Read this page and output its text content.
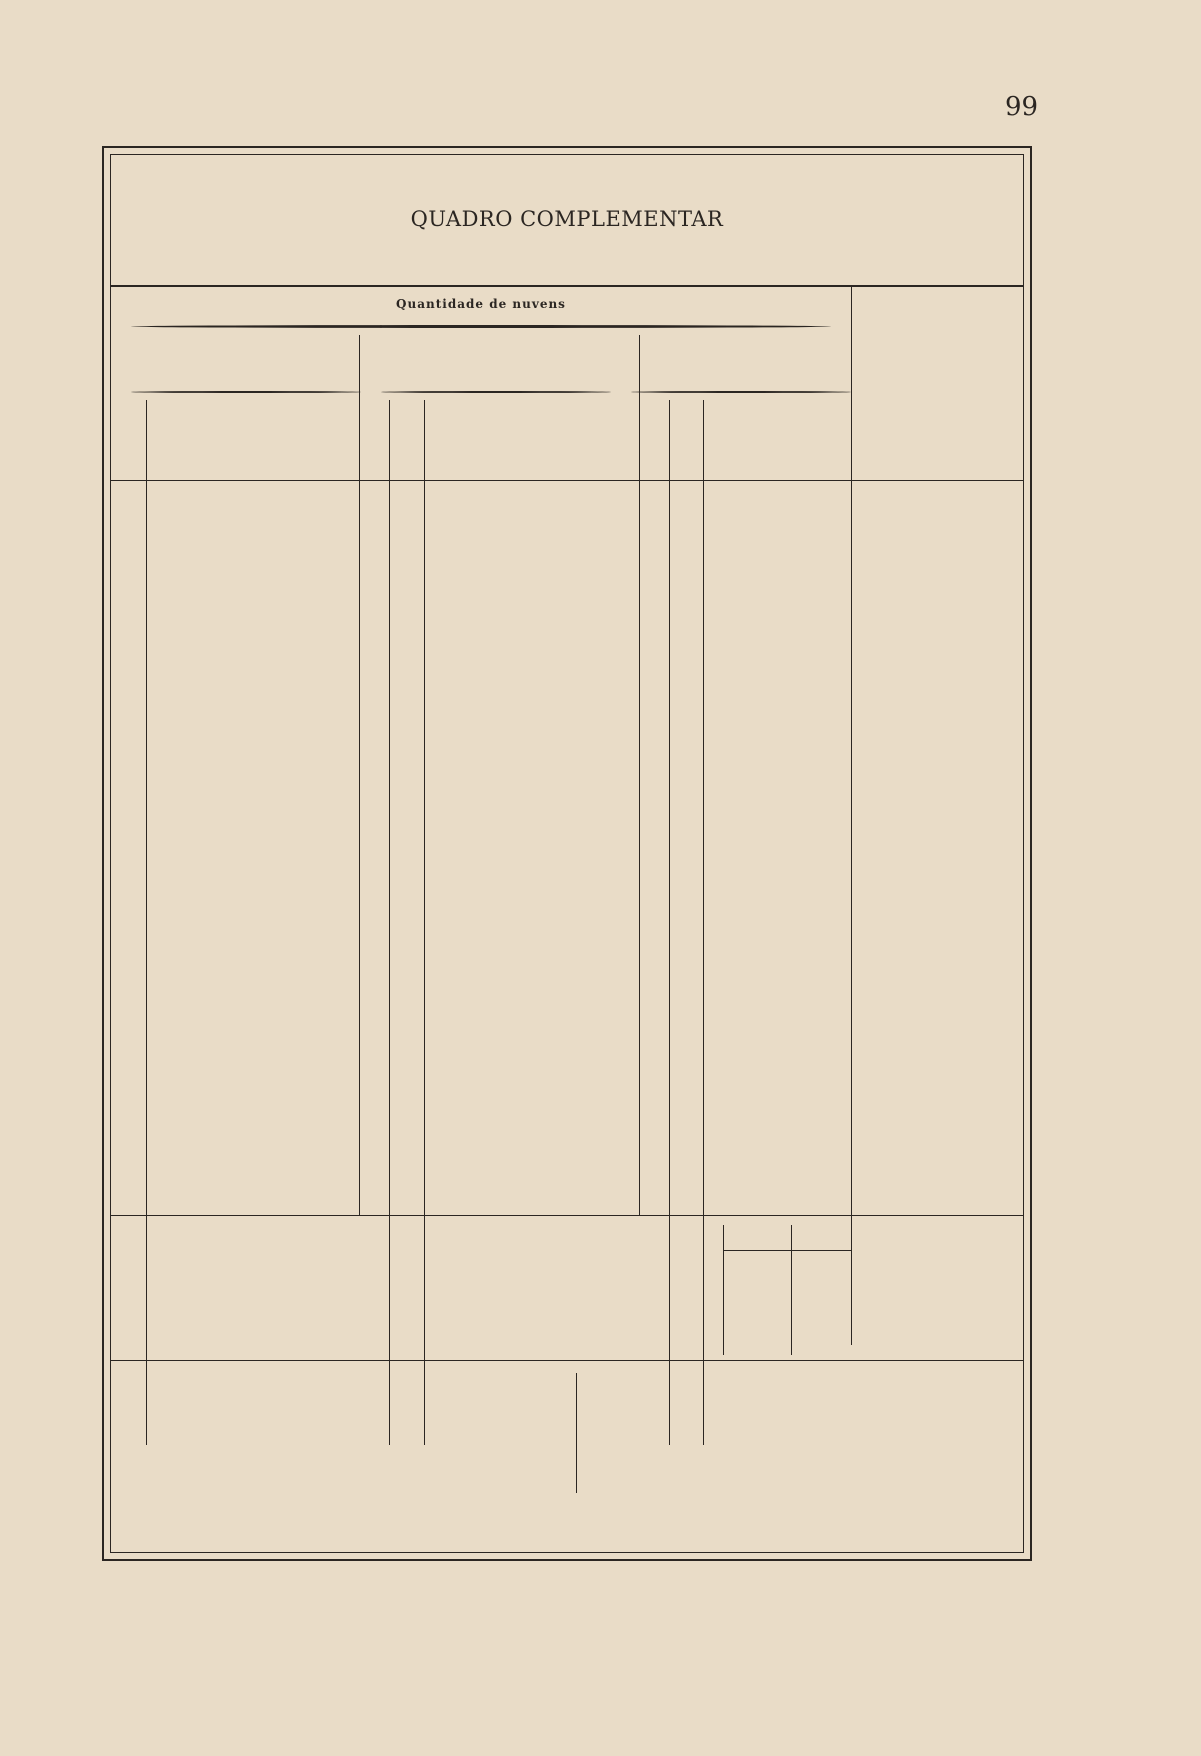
99
QUADRO COMPLEMENTAR
Quantidade de nuvens
